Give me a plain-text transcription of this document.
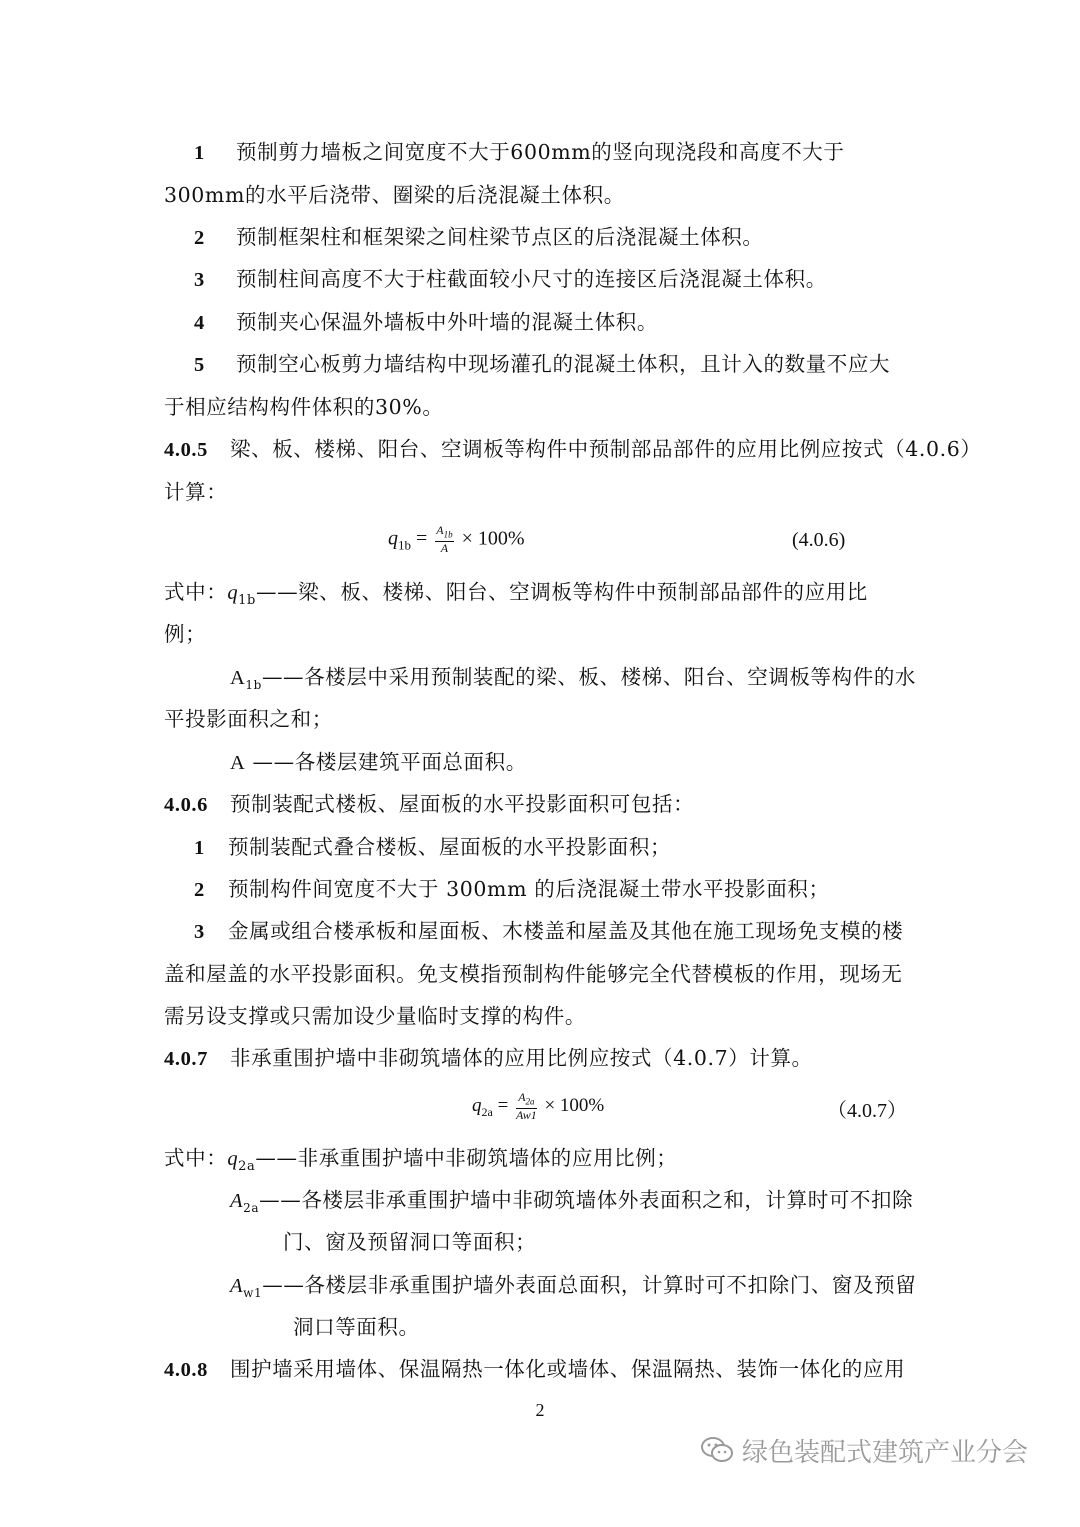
1 预制剪力墙板之间宽度不大于600mm的竖向现浇段和高度不大于
300mm的水平后浇带、圈梁的后浇混凝土体积。
2 预制框架柱和框架梁之间柱梁节点区的后浇混凝土体积。
3 预制柱间高度不大于柱截面较小尺寸的连接区后浇混凝土体积。
4 预制夹心保温外墙板中外叶墙的混凝土体积。
5 预制空心板剪力墙结构中现场灌孔的混凝土体积，且计入的数量不应大
于相应结构构件体积的30%。
4.0.5 梁、板、楼梯、阳台、空调板等构件中预制部品部件的应用比例应按式（4.0.6）
计算：
$q_{1b} = \frac{A_{1b}}{A} \times 100\%$	(4.0.6)
式中：$q_{1b}——$梁、板、楼梯、阳台、空调板等构件中预制部品部件的应用比
例；
$A_{1b}——$各楼层中采用预制装配的梁、板、楼梯、阳台、空调板等构件的水
平投影面积之和；
A ——各楼层建筑平面总面积。
4.0.6 预制装配式楼板、屋面板的水平投影面积可包括：
1 预制装配式叠合楼板、屋面板的水平投影面积；
2 预制构件间宽度不大于 300mm 的后浇混凝土带水平投影面积；
3 金属或组合楼承板和屋面板、木楼盖和屋盖及其他在施工现场免支模的楼
盖和屋盖的水平投影面积。免支模指预制构件能够完全代替模板的作用，现场无
需另设支撑或只需加设少量临时支撑的构件。
4.0.7 非承重围护墙中非砌筑墙体的应用比例应按式（4.0.7）计算。
$q_{2a} = \frac{A_{2a}}{Aw1} \times 100\%$	（4.0.7）
式中：$q_{2a}——$非承重围护墙中非砌筑墙体的应用比例；
$A_{2a}——$各楼层非承重围护墙中非砌筑墙体外表面积之和，计算时可不扣除
门、窗及预留洞口等面积；
$A_{w1}——$各楼层非承重围护墙外表面总面积，计算时可不扣除门、窗及预留
洞口等面积。
4.0.8 围护墙采用墙体、保温隔热一体化或墙体、保温隔热、装饰一体化的应用
2
绿色装配式建筑产业分会
